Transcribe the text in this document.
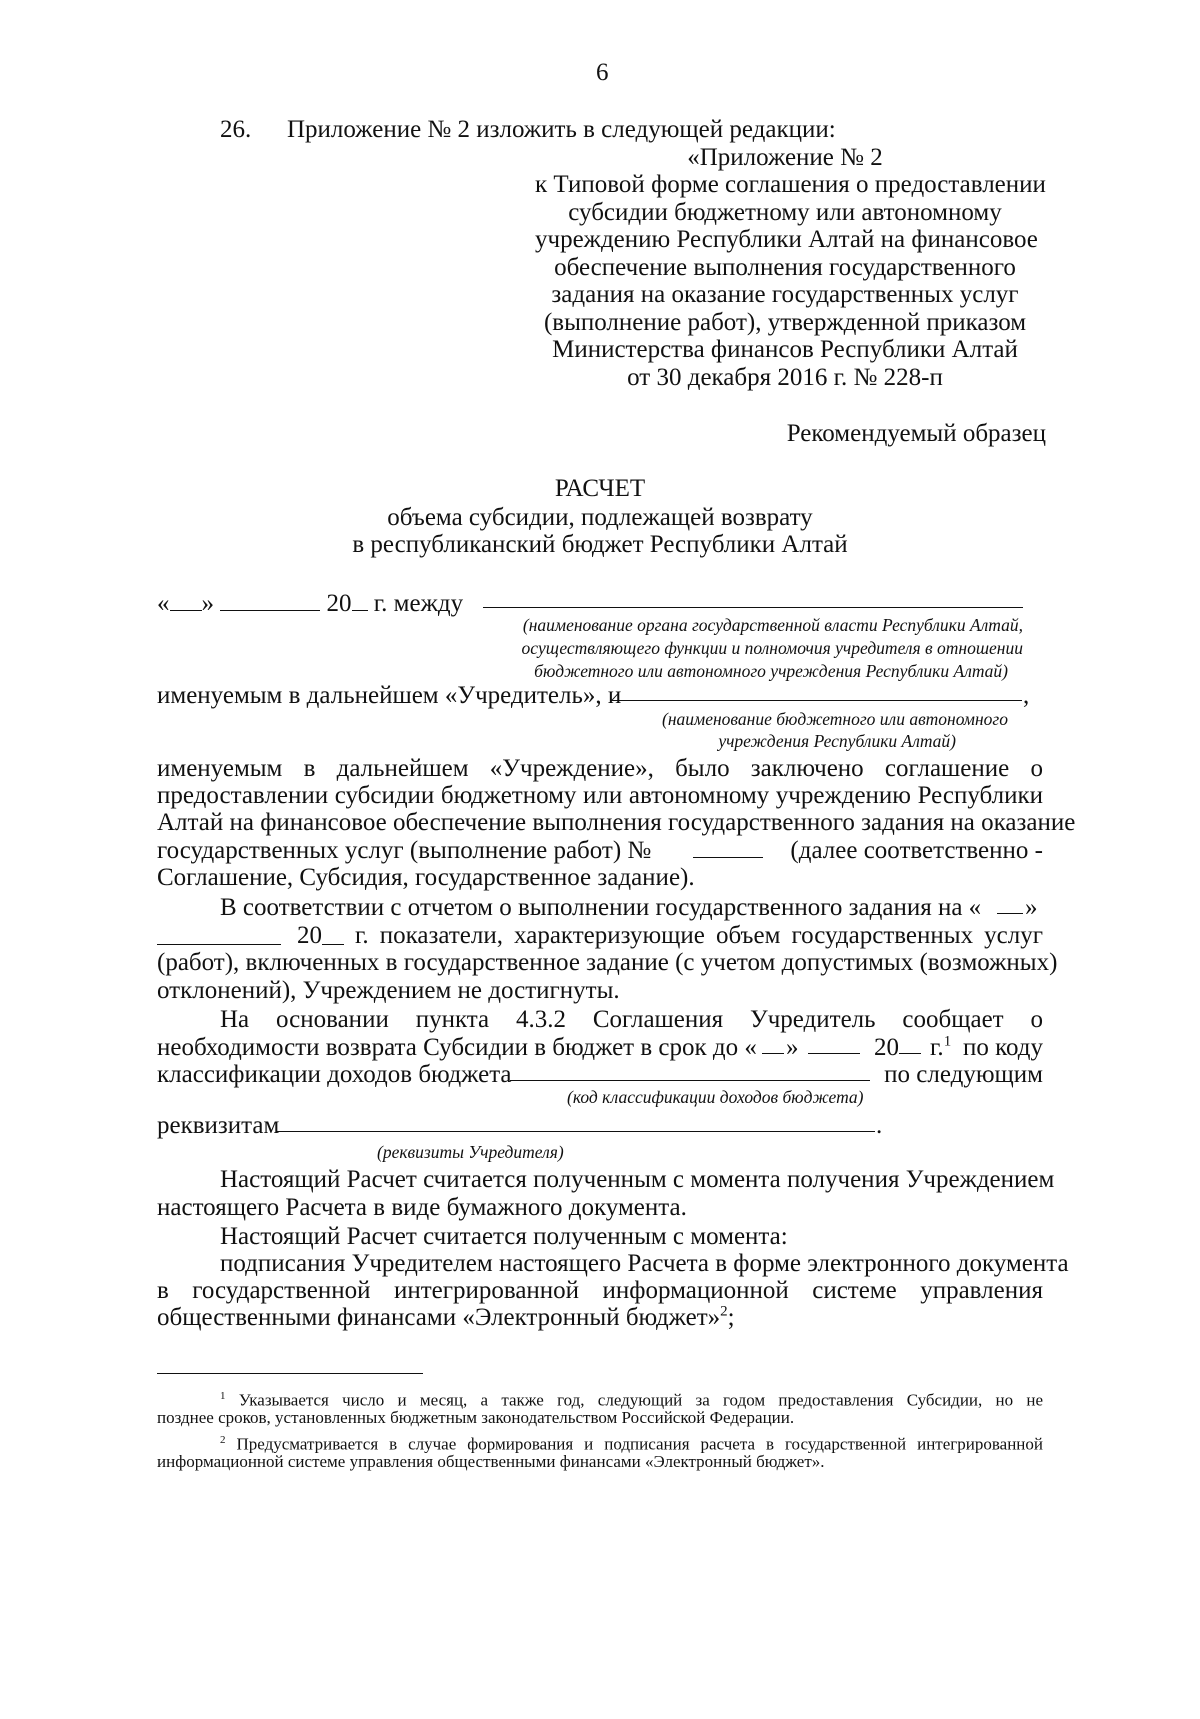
6
26. Приложение № 2 изложить в следующей редакции:
«Приложение № 2
к Типовой форме соглашения о предоставлении
субсидии бюджетному или автономному
учреждению Республики Алтай на финансовое
обеспечение выполнения государственного
задания на оказание государственных услуг
(выполнение работ), утвержденной приказом
Министерства финансов Республики Алтай
от 30 декабря 2016 г. № 228-п
Рекомендуемый образец
РАСЧЕТ
объема субсидии, подлежащей возврату
в республиканский бюджет Республики Алтай
« »	20 г. между
(наименование органа государственной власти Республики Алтай,
осуществляющего функции и полномочия учредителя в отношении
бюджетного или автономного учреждения Республики Алтай)
именуемым в дальнейшем «Учредитель», и	,
(наименование бюджетного или автономного
учреждения Республики Алтай)
именуемым в дальнейшем «Учреждение», было заключено соглашение о
предоставлении субсидии бюджетному или автономному учреждению Республики
Алтай на финансовое обеспечение выполнения государственного задания на оказание
государственных услуг (выполнение работ) №	(далее соответственно -
Соглашение, Субсидия, государственное задание).
В соответствии с отчетом о выполнении государственного задания на « »
20 г. показатели, характеризующие объем государственных услуг
(работ), включенных в государственное задание (с учетом допустимых (возможных)
отклонений), Учреждением не достигнуты.
На основании пункта 4.3.2 Соглашения Учредитель сообщает о
необходимости возврата Субсидии в бюджет в срок до « »	20 г.$^1$ по коду
классификации доходов бюджета	по следующим
(код классификации доходов бюджета)
реквизитам	.
(реквизиты Учредителя)
Настоящий Расчет считается полученным с момента получения Учреждением
настоящего Расчета в виде бумажного документа.
Настоящий Расчет считается полученным с момента:
подписания Учредителем настоящего Расчета в форме электронного документа
в государственной интегрированной информационной системе управления
общественными финансами «Электронный бюджет»$^2$;
$^1$ Указывается число и месяц, а также год, следующий за годом предоставления Субсидии, но не
позднее сроков, установленных бюджетным законодательством Российской Федерации.
$^2$ Предусматривается в случае формирования и подписания расчета в государственной интегрированной
информационной системе управления общественными финансами «Электронный бюджет».
